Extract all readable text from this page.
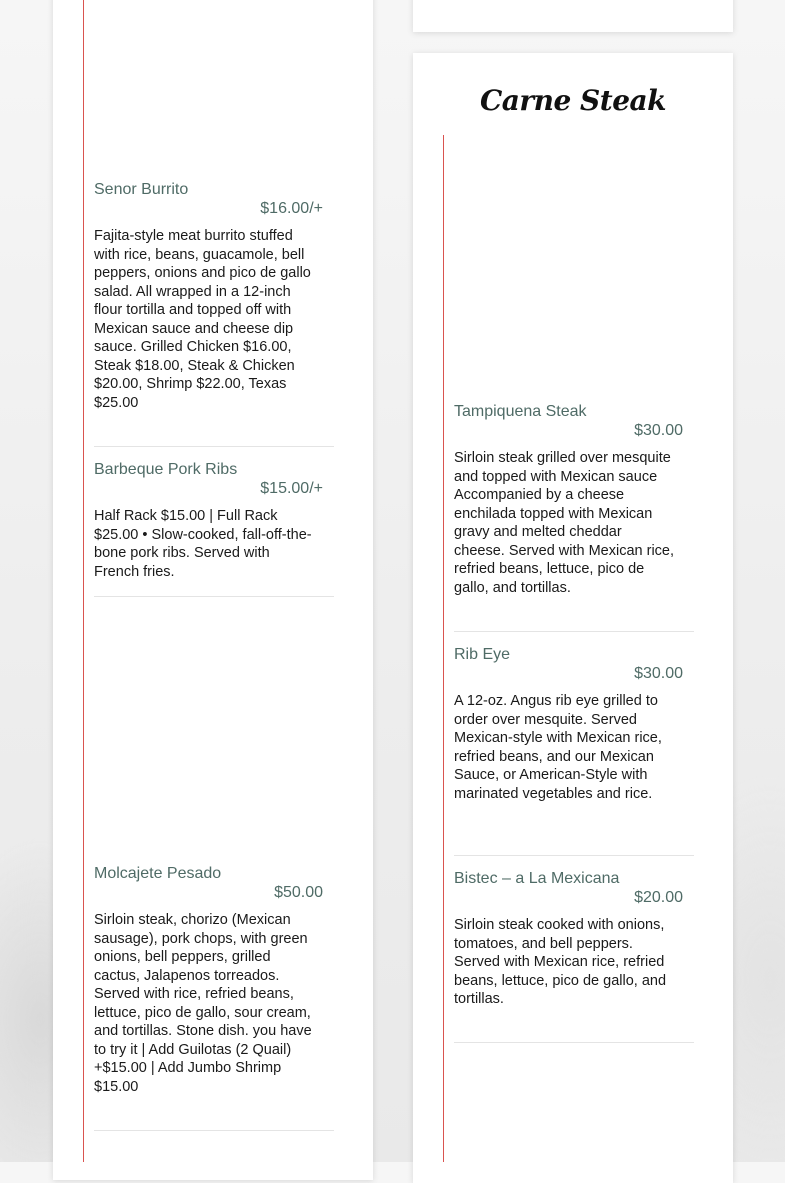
Carne Steak
Senor Burrito
$16.00/+

Fajita-style meat burrito stuffed with rice, beans, guacamole, bell peppers, onions and pico de gallo salad. All wrapped in a 12-inch flour tortilla and topped off with Mexican sauce and cheese dip sauce. Grilled Chicken $16.00, Steak $18.00, Steak & Chicken $20.00, Shrimp $22.00, Texas $25.00

Barbeque Pork Ribs
$15.00/+

Half Rack $15.00 | Full Rack $25.00 • Slow-cooked, fall-off-the-bone pork ribs. Served with French fries.

Molcajete Pesado
$50.00

Sirloin steak, chorizo (Mexican sausage), pork chops, with green onions, bell peppers, grilled cactus, Jalapenos torreados. Served with rice, refried beans, lettuce, pico de gallo, sour cream, and tortillas. Stone dish. you have to try it | Add Guilotas (2 Quail) +$15.00 | Add Jumbo Shrimp $15.00

Tampiquena Steak
$30.00

Sirloin steak grilled over mesquite and topped with Mexican sauce Accompanied by a cheese enchilada topped with Mexican gravy and melted cheddar cheese. Served with Mexican rice, refried beans, lettuce, pico de gallo, and tortillas.

Rib Eye
$30.00

A 12-oz. Angus rib eye grilled to order over mesquite. Served Mexican-style with Mexican rice, refried beans, and our Mexican Sauce, or American-Style with marinated vegetables and rice.

Bistec – a La Mexicana
$20.00

Sirloin steak cooked with onions, tomatoes, and bell peppers. Served with Mexican rice, refried beans, lettuce, pico de gallo, and tortillas.
